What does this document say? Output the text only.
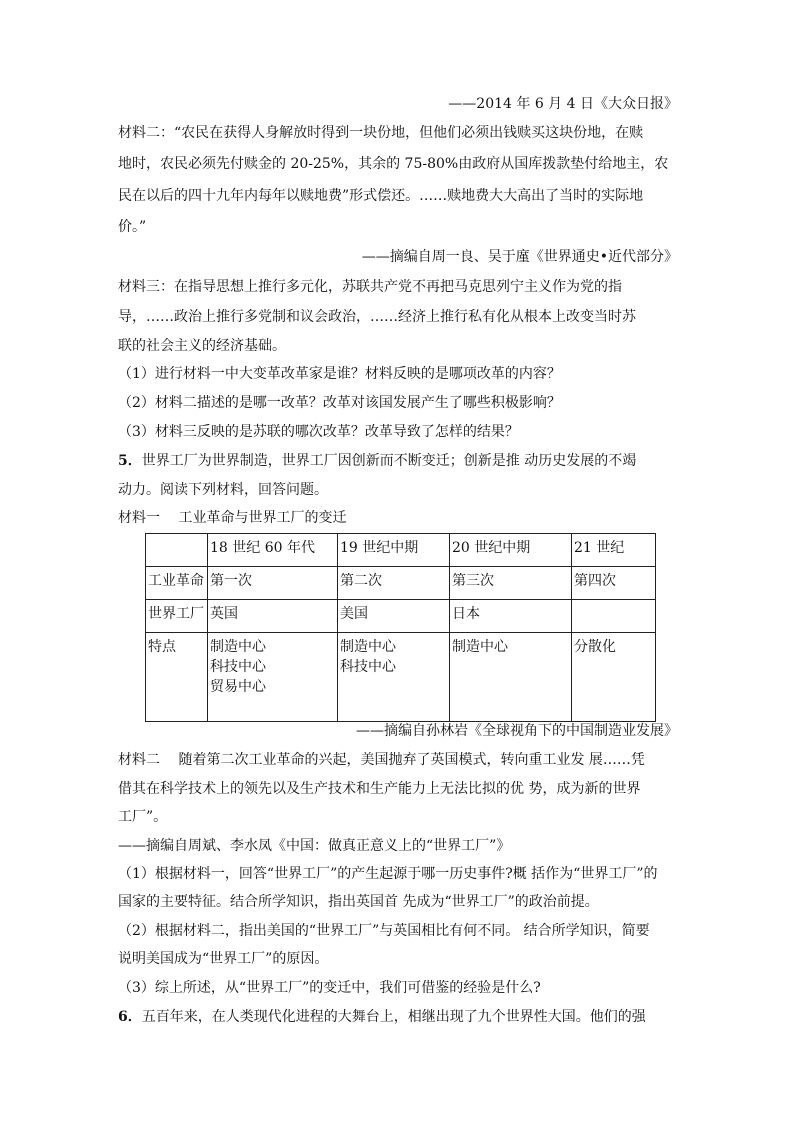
——2014 年 6 月 4 日《大众日报》
材料二：“农民在获得人身解放时得到一块份地，但他们必须出钱赎买这块份地，在赎
地时，农民必须先付赎金的 20-25%，其余的 75-80%由政府从国库拨款垫付给地主，农
民在以后的四十九年内每年以赎地费”形式偿还。……赎地费大大高出了当时的实际地
价。”
——摘编自周一良、吴于廑《世界通史•近代部分》
材料三：在指导思想上推行多元化，苏联共产党不再把马克思列宁主义作为党的指
导，……政治上推行多党制和议会政治，……经济上推行私有化从根本上改变当时苏
联的社会主义的经济基础。
（1）进行材料一中大变革改革家是谁？材料反映的是哪项改革的内容？
（2）材料二描述的是哪一改革？改革对该国发展产生了哪些积极影响？
（3）材料三反映的是苏联的哪次改革？改革导致了怎样的结果？
5．世界工厂为世界制造，世界工厂因创新而不断变迁；创新是推 动历史发展的不竭
动力。阅读下列材料，回答问题。
材料一　 工业革命与世界工厂的变迁
——摘编自孙林岩《全球视角下的中国制造业发展》
材料二　 随着第二次工业革命的兴起，美国抛弃了英国模式，转向重工业发 展……凭
借其在科学技术上的领先以及生产技术和生产能力上无法比拟的优 势，成为新的世界
工厂”。
——摘编自周斌、李水凤《中国：做真正意义上的“世界工厂”》
（1）根据材料一，回答“世界工厂”的产生起源于哪一历史事件?概 括作为“世界工厂”的
国家的主要特征。结合所学知识，指出英国首 先成为“世界工厂”的政治前提。
（2）根据材料二，指出美国的“世界工厂”与英国相比有何不同。 结合所学知识，简要
说明美国成为“世界工厂”的原因。
（3）综上所述，从“世界工厂”的变迁中，我们可借鉴的经验是什么?
6．五百年来，在人类现代化进程的大舞台上，相继出现了九个世界性大国。他们的强

	18 世纪 60 年代	19 世纪中期	20 世纪中期	21 世纪

工业革命	第一次	第二次	第三次	第四次

世界工厂	英国	美国	日本	

特点	制造中心
科技中心
贸易中心	制造中心
科技中心	制造中心	分散化
